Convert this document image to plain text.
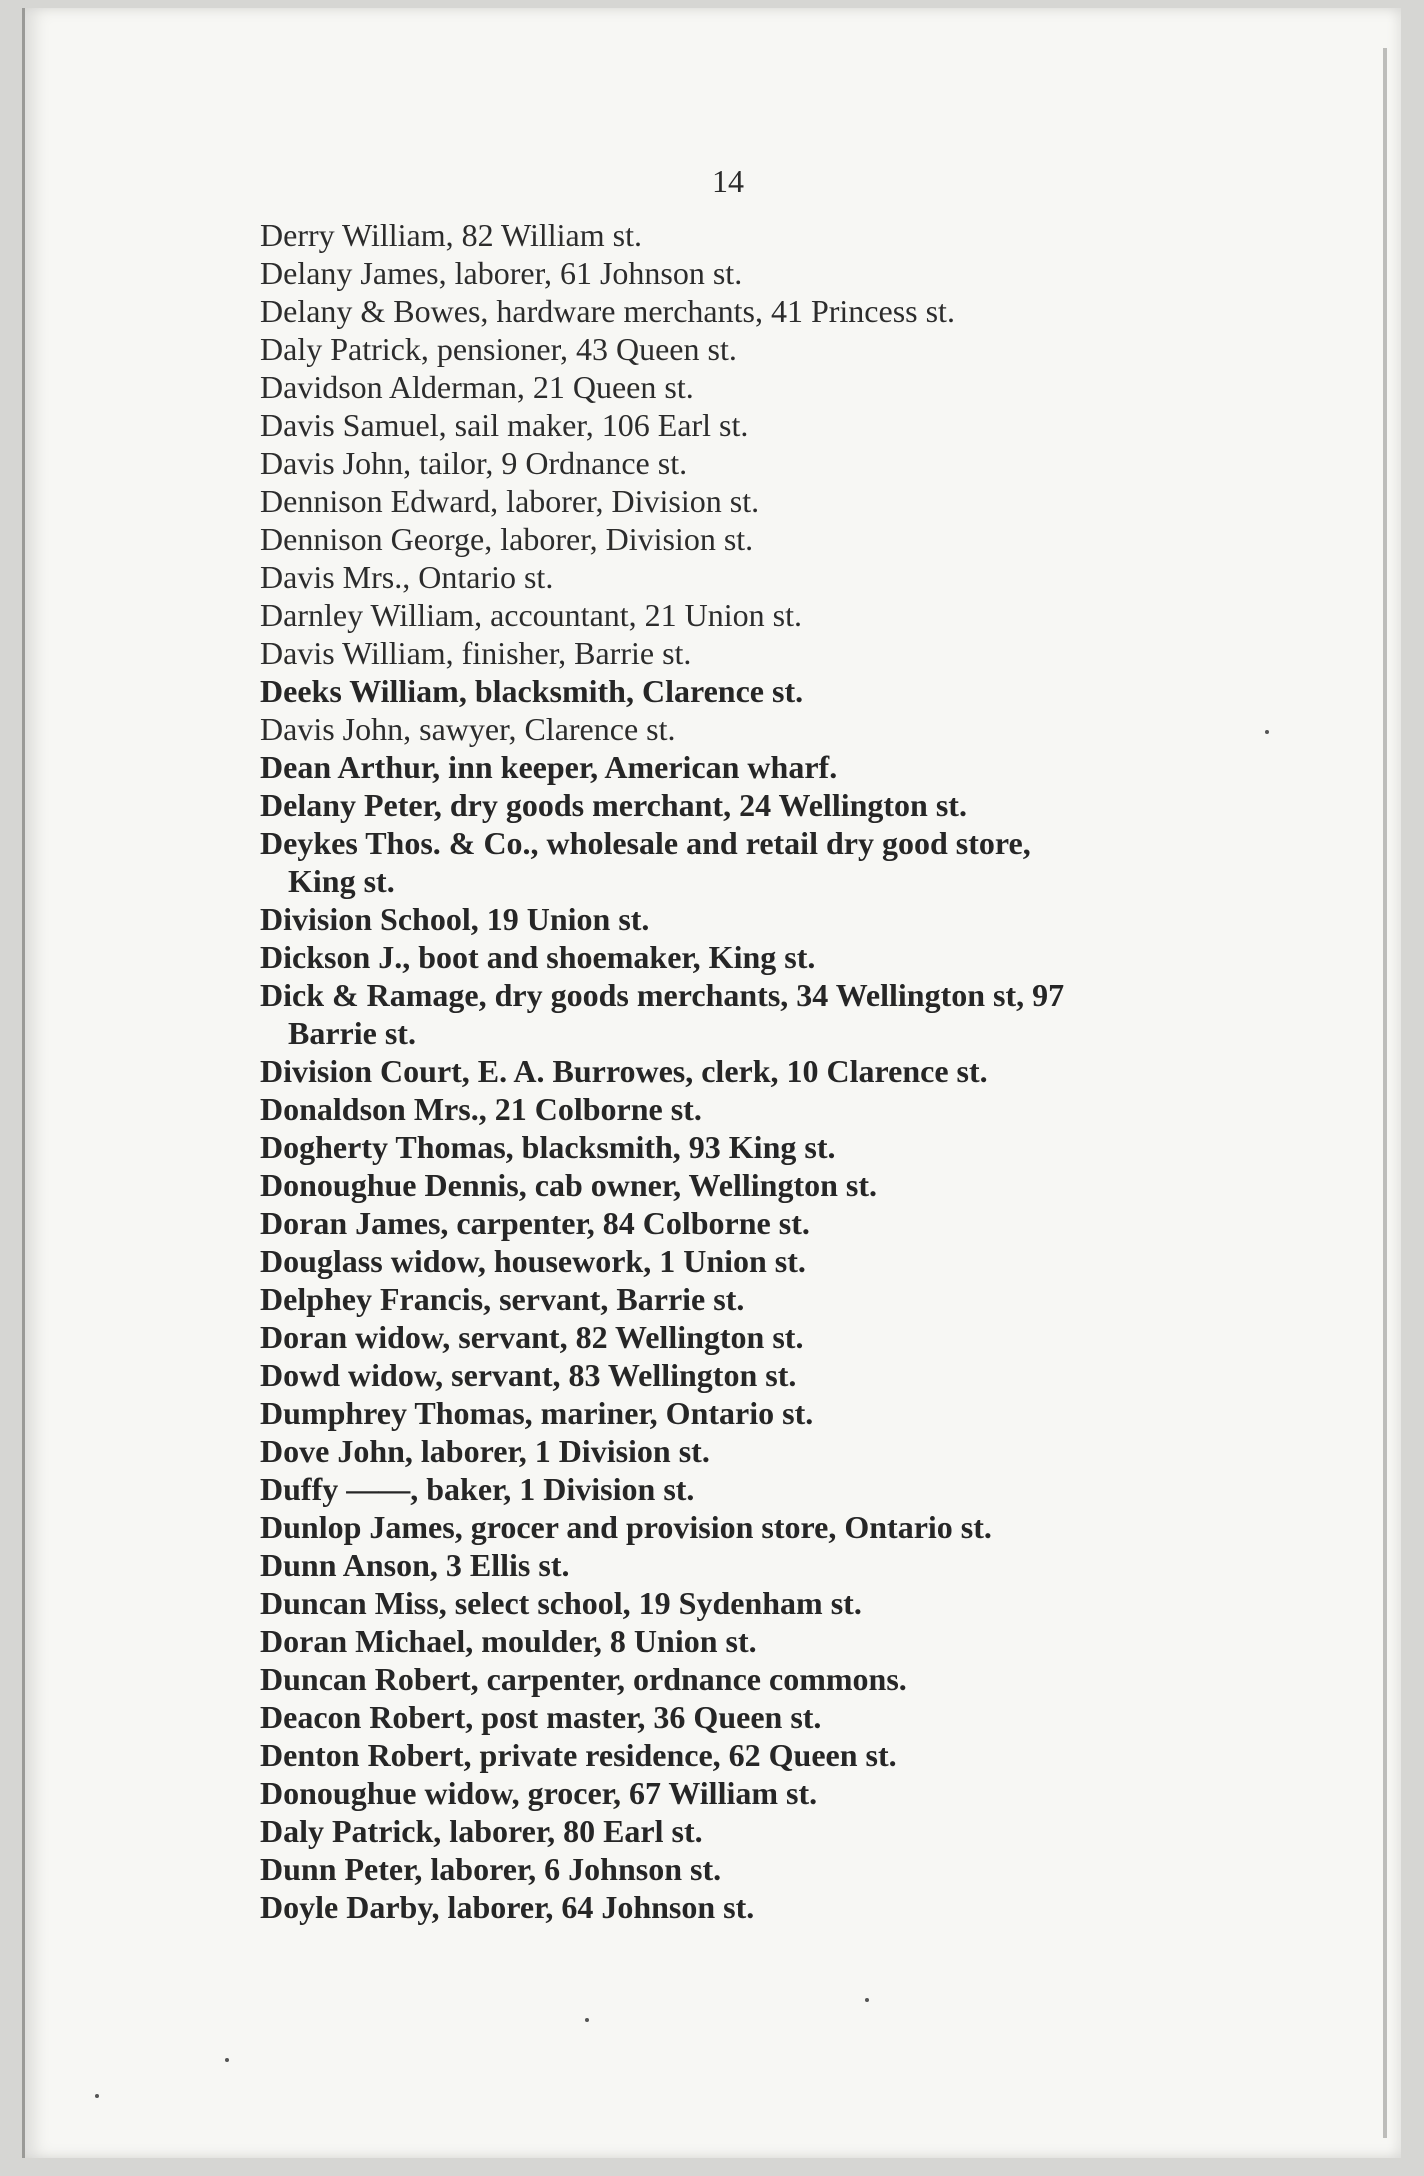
14
Derry William, 82 William st.
Delany James, laborer, 61 Johnson st.
Delany & Bowes, hardware merchants, 41 Princess st.
Daly Patrick, pensioner, 43 Queen st.
Davidson Alderman, 21 Queen st.
Davis Samuel, sail maker, 106 Earl st.
Davis John, tailor, 9 Ordnance st.
Dennison Edward, laborer, Division st.
Dennison George, laborer, Division st.
Davis Mrs., Ontario st.
Darnley William, accountant, 21 Union st.
Davis William, finisher, Barrie st.
Deeks William, blacksmith, Clarence st.
Davis John, sawyer, Clarence st.
Dean Arthur, inn keeper, American wharf.
Delany Peter, dry goods merchant, 24 Wellington st.
Deykes Thos. & Co., wholesale and retail dry good store,
King st.
Division School, 19 Union st.
Dickson J., boot and shoemaker, King st.
Dick & Ramage, dry goods merchants, 34 Wellington st, 97
Barrie st.
Division Court, E. A. Burrowes, clerk, 10 Clarence st.
Donaldson Mrs., 21 Colborne st.
Dogherty Thomas, blacksmith, 93 King st.
Donoughue Dennis, cab owner, Wellington st.
Doran James, carpenter, 84 Colborne st.
Douglass widow, housework, 1 Union st.
Delphey Francis, servant, Barrie st.
Doran widow, servant, 82 Wellington st.
Dowd widow, servant, 83 Wellington st.
Dumphrey Thomas, mariner, Ontario st.
Dove John, laborer, 1 Division st.
Duffy ——, baker, 1 Division st.
Dunlop James, grocer and provision store, Ontario st.
Dunn Anson, 3 Ellis st.
Duncan Miss, select school, 19 Sydenham st.
Doran Michael, moulder, 8 Union st.
Duncan Robert, carpenter, ordnance commons.
Deacon Robert, post master, 36 Queen st.
Denton Robert, private residence, 62 Queen st.
Donoughue widow, grocer, 67 William st.
Daly Patrick, laborer, 80 Earl st.
Dunn Peter, laborer, 6 Johnson st.
Doyle Darby, laborer, 64 Johnson st.
